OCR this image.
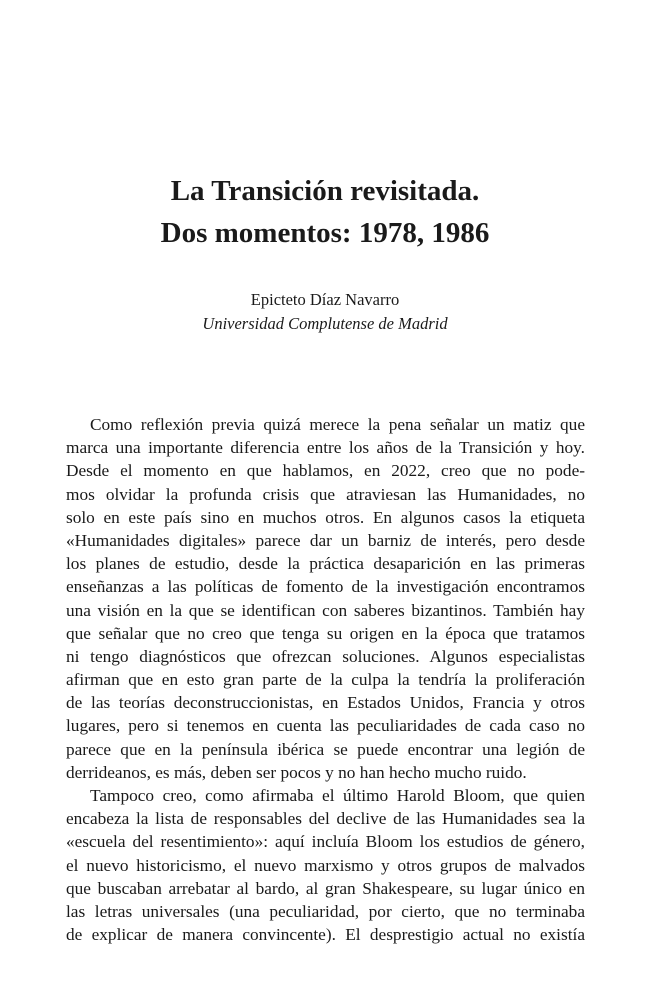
La Transición revisitada.
Dos momentos: 1978, 1986
Epicteto Díaz Navarro
Universidad Complutense de Madrid
Como reflexión previa quizá merece la pena señalar un matiz que
marca una importante diferencia entre los años de la Transición y hoy.
Desde el momento en que hablamos, en 2022, creo que no pode-
mos olvidar la profunda crisis que atraviesan las Humanidades, no
solo en este país sino en muchos otros. En algunos casos la etiqueta
«Humanidades digitales» parece dar un barniz de interés, pero desde
los planes de estudio, desde la práctica desaparición en las primeras
enseñanzas a las políticas de fomento de la investigación encontramos
una visión en la que se identifican con saberes bizantinos. También hay
que señalar que no creo que tenga su origen en la época que tratamos
ni tengo diagnósticos que ofrezcan soluciones. Algunos especialistas
afirman que en esto gran parte de la culpa la tendría la proliferación
de las teorías deconstruccionistas, en Estados Unidos, Francia y otros
lugares, pero si tenemos en cuenta las peculiaridades de cada caso no
parece que en la península ibérica se puede encontrar una legión de
derrideanos, es más, deben ser pocos y no han hecho mucho ruido.
Tampoco creo, como afirmaba el último Harold Bloom, que quien
encabeza la lista de responsables del declive de las Humanidades sea la
«escuela del resentimiento»: aquí incluía Bloom los estudios de género,
el nuevo historicismo, el nuevo marxismo y otros grupos de malvados
que buscaban arrebatar al bardo, al gran Shakespeare, su lugar único en
las letras universales (una peculiaridad, por cierto, que no terminaba
de explicar de manera convincente). El desprestigio actual no existía
